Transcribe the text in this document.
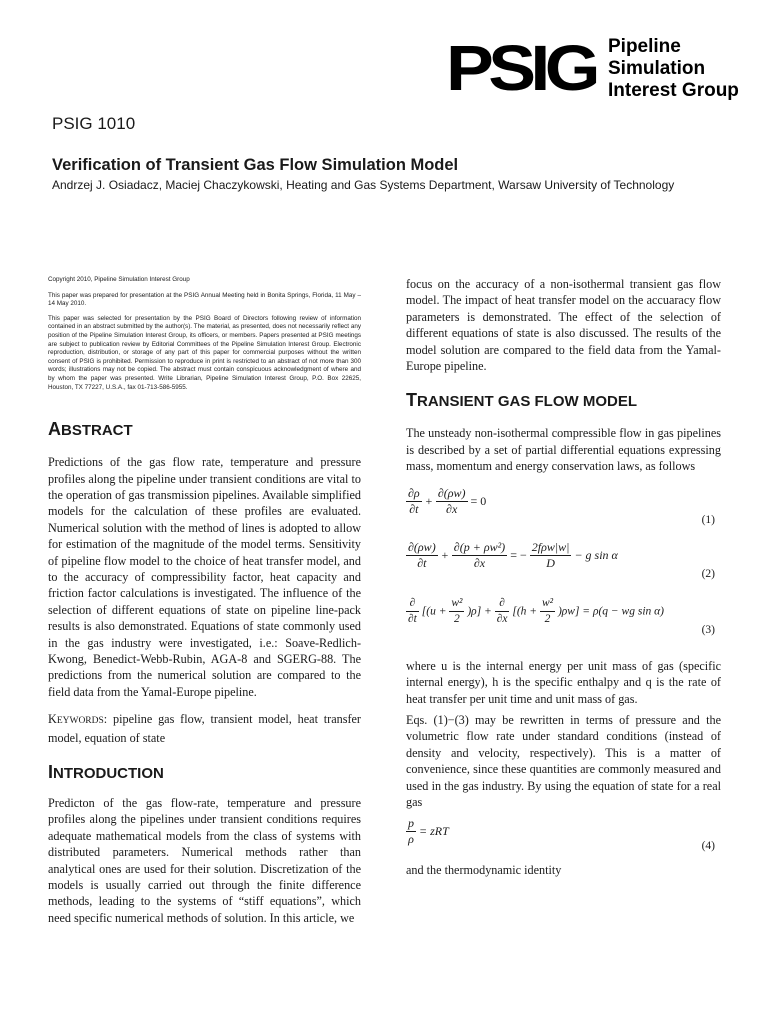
PSIG Pipeline
Simulation
Interest Group
PSIG 1010
Verification of Transient Gas Flow Simulation Model
Andrzej J. Osiadacz, Maciej Chaczykowski, Heating and Gas Systems Department, Warsaw University of Technology

Copyright 2010, Pipeline Simulation Interest Group

This paper was prepared for presentation at the PSIG Annual Meeting held in Bonita Springs, Florida, 11 May – 14 May 2010.

This paper was selected for presentation by the PSIG Board of Directors following review of information contained in an abstract submitted by the author(s). The material, as presented, does not necessarily reflect any position of the Pipeline Simulation Interest Group, its officers, or members. Papers presented at PSIG meetings are subject to publication review by Editorial Committees of the Pipeline Simulation Interest Group. Electronic reproduction, distribution, or storage of any part of this paper for commercial purposes without the written consent of PSIG is prohibited. Permission to reproduce in print is restricted to an abstract of not more than 300 words; illustrations may not be copied. The abstract must contain conspicuous acknowledgment of where and by whom the paper was presented. Write Librarian, Pipeline Simulation Interest Group, P.O. Box 22625, Houston, TX 77227, U.S.A., fax 01-713-586-5955.

ABSTRACT

Predictions of the gas flow rate, temperature and pressure profiles along the pipeline under transient conditions are vital to the operation of gas transmission pipelines. Available simplified models for the calculation of these profiles are evaluated. Numerical solution with the method of lines is adopted to allow for estimation of the magnitude of the model terms. Sensitivity of pipeline flow model to the choice of heat transfer model, and to the accuracy of compressibility factor, heat capacity and friction factor calculations is investigated. The influence of the selection of different equations of state on pipeline line-pack results is also demonstrated. Equations of state commonly used in the gas industry were investigated, i.e.: Soave-Redlich-Kwong, Benedict-Webb-Rubin, AGA-8 and SGERG-88. The predictions from the numerical solution are compared to the field data from the Yamal-Europe pipeline.

KEYWORDS: pipeline gas flow, transient model, heat transfer model, equation of state

INTRODUCTION

Predicton of the gas flow-rate, temperature and pressure profiles along the pipelines under transient conditions requires adequate mathematical models from the class of systems with distributed parameters. Numerical methods rather than analytical ones are used for their solution. Discretization of the models is usually carried out through the finite difference methods, leading to the systems of “stiff equations”, which need specific numerical methods of solution. In this article, we

focus on the accuracy of a non-isothermal transient gas flow model. The impact of heat transfer model on the accuaracy flow parameters is demonstrated. The effect of the selection of different equations of state is also discussed. The results of the model solution are compared to the field data from the Yamal-Europe pipeline.

TRANSIENT GAS FLOW MODEL

The unsteady non-isothermal compressible flow in gas pipelines is described by a set of partial differential equations expressing mass, momentum and energy conservation laws, as follows

$\frac{\partial\rho}{\partial t} + \frac{\partial(\rho w)}{\partial x} = 0$
(1)
$\frac{\partial(\rho w)}{\partial t} + \frac{\text{∂(p + ρw²)}}{\partial x}$ = − $\frac{\text{2fρw|w|}}{D} - g$ sin α
(2)
$\frac{\partial}{\partial t} [(u + \frac{\text{w²}}{2} )\rho] + \frac{\partial}{\partial x} [(h + \frac{\text{w²}}{2} )\rho w] = \rho(q$ − wg sin α)
(3)

where u is the internal energy per unit mass of gas (specific internal energy), h is the specific enthalpy and q is the rate of heat transfer per unit time and unit mass of gas.

Eqs. (1)−(3) may be rewritten in terms of pressure and the volumetric flow rate under standard conditions (instead of density and velocity, respectively). This is a matter of convenience, since these quantities are commonly measured and used in the gas industry. By using the equation of state for a real gas

$\frac{p}{\rho}$ = zRT
(4)

and the thermodynamic identity
